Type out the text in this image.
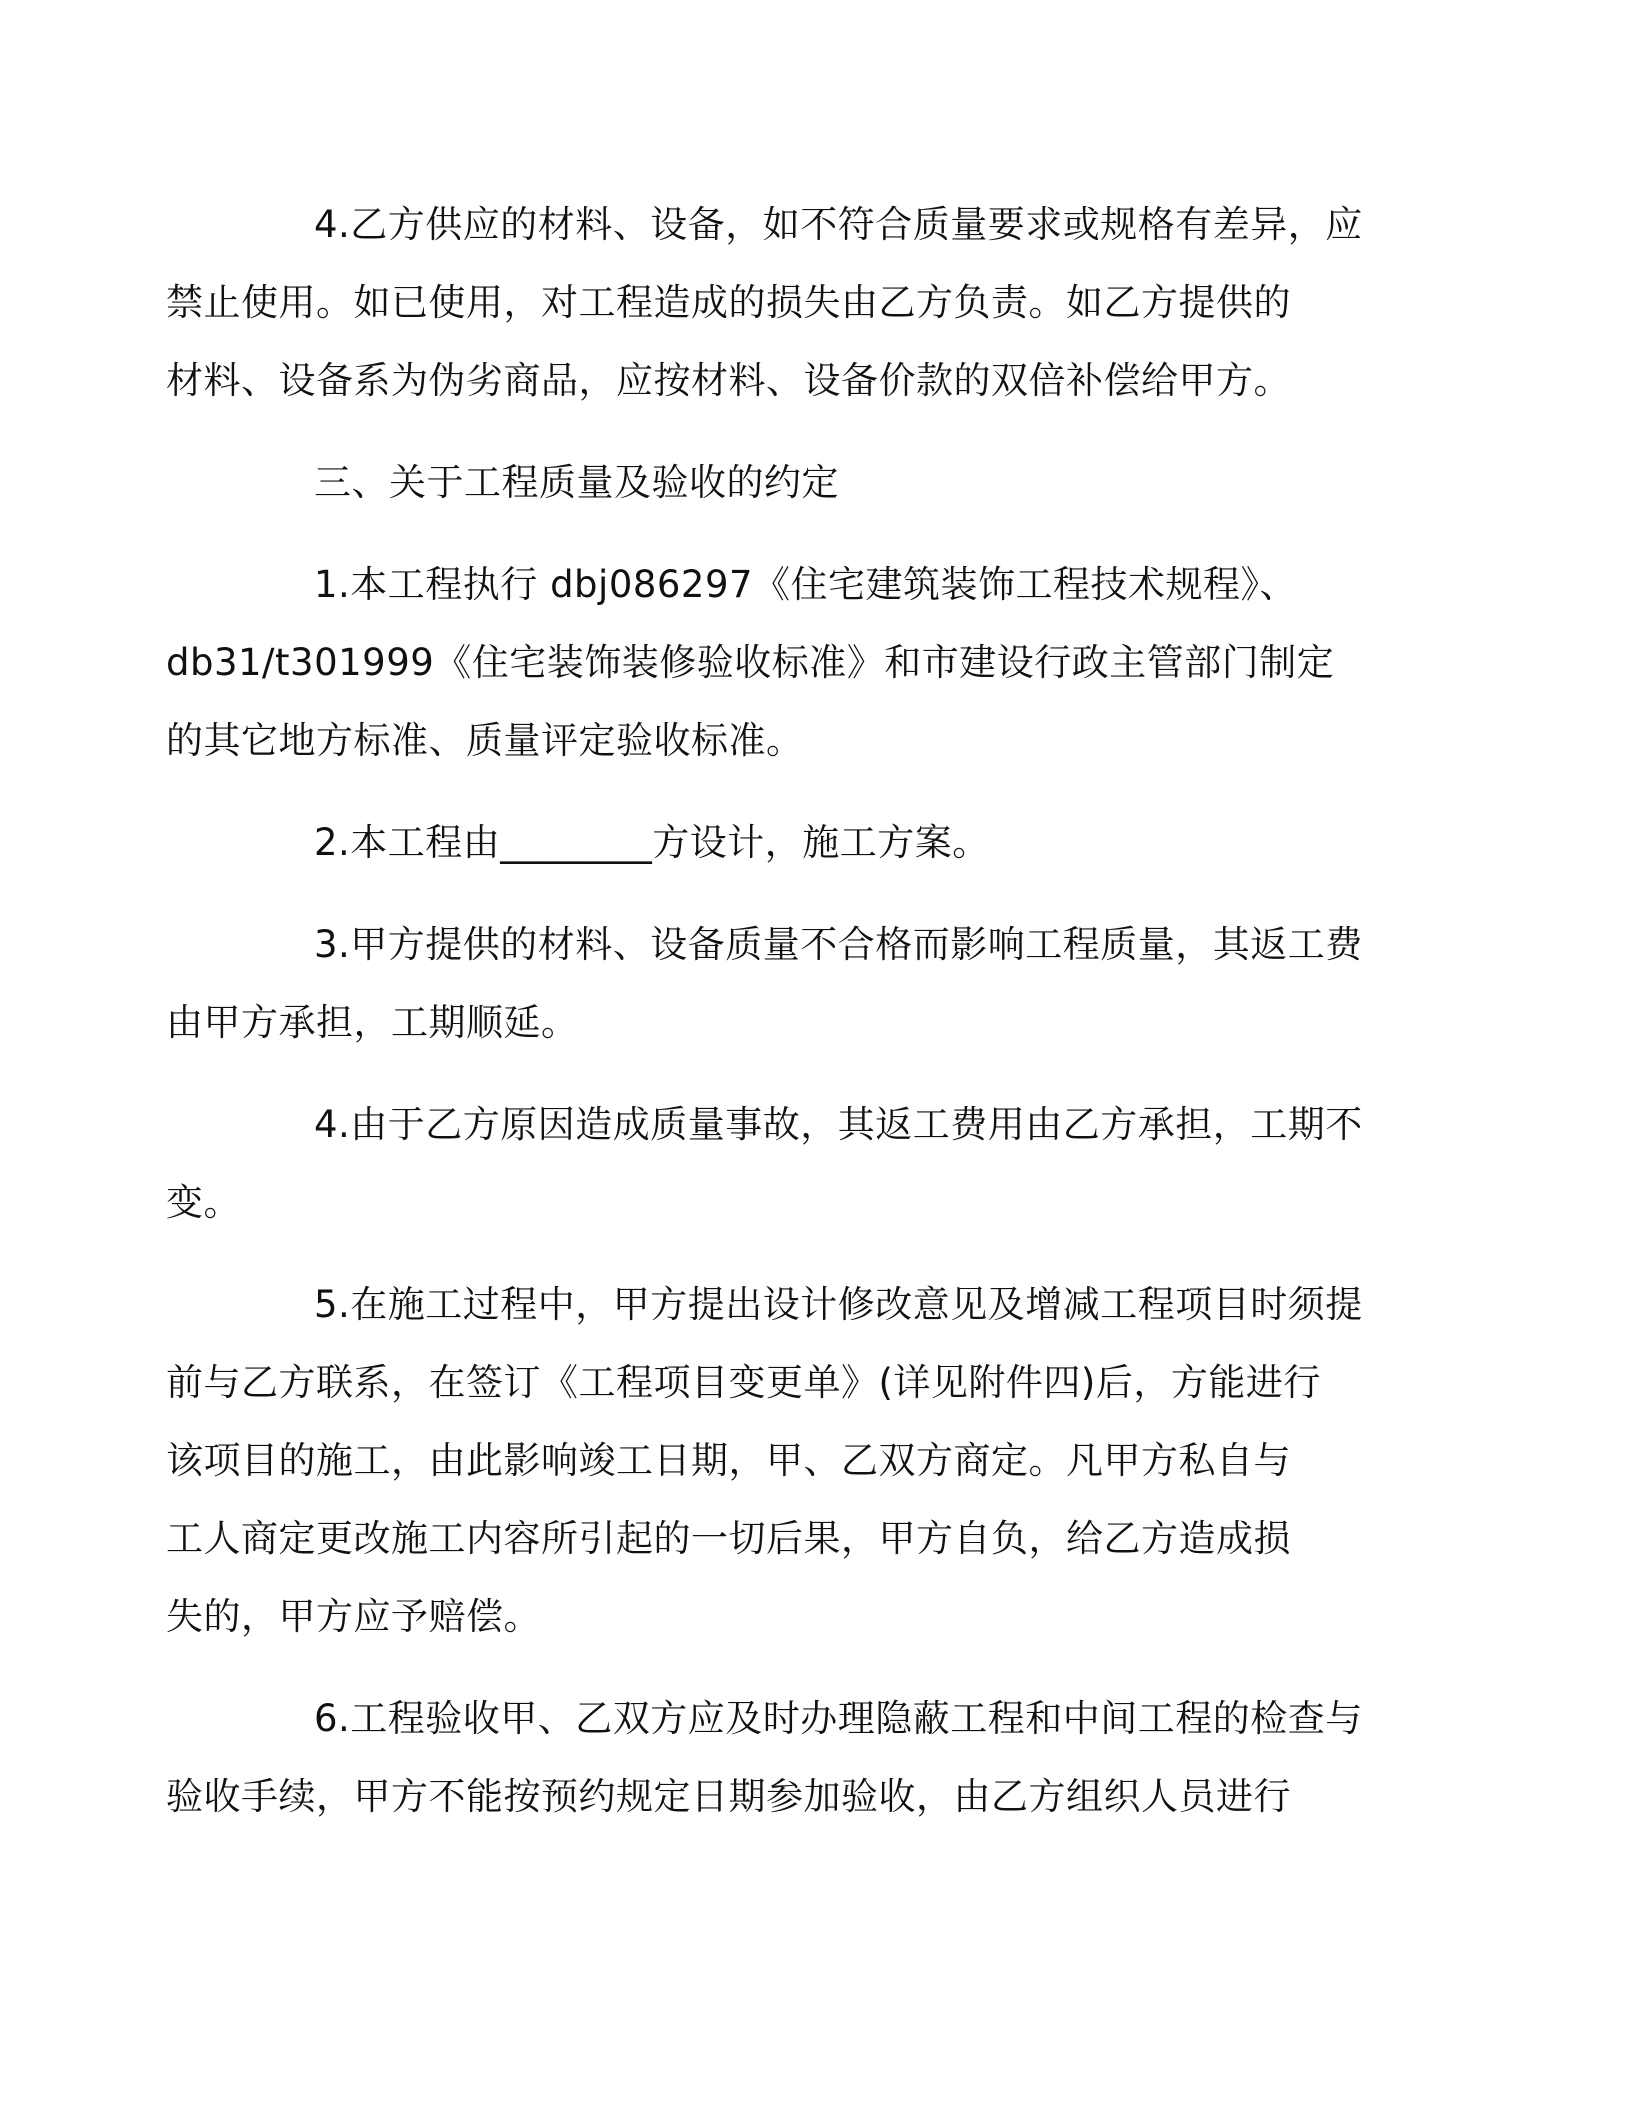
4.乙方供应的材料、设备，如不符合质量要求或规格有差异，应
禁止使用。如已使用，对工程造成的损失由乙方负责。如乙方提供的
材料、设备系为伪劣商品，应按材料、设备价款的双倍补偿给甲方。

三、关于工程质量及验收的约定

1.本工程执行 dbj086297《住宅建筑装饰工程技术规程》、
db31/t301999《住宅装饰装修验收标准》和市建设行政主管部门制定
的其它地方标准、质量评定验收标准。

2.本工程由________方设计，施工方案。

3.甲方提供的材料、设备质量不合格而影响工程质量，其返工费
由甲方承担，工期顺延。

4.由于乙方原因造成质量事故，其返工费用由乙方承担，工期不
变。

5.在施工过程中，甲方提出设计修改意见及增减工程项目时须提
前与乙方联系，在签订《工程项目变更单》(详见附件四)后，方能进行
该项目的施工，由此影响竣工日期，甲、乙双方商定。凡甲方私自与
工人商定更改施工内容所引起的一切后果，甲方自负，给乙方造成损
失的，甲方应予赔偿。

6.工程验收甲、乙双方应及时办理隐蔽工程和中间工程的检查与
验收手续，甲方不能按预约规定日期参加验收，由乙方组织人员进行
